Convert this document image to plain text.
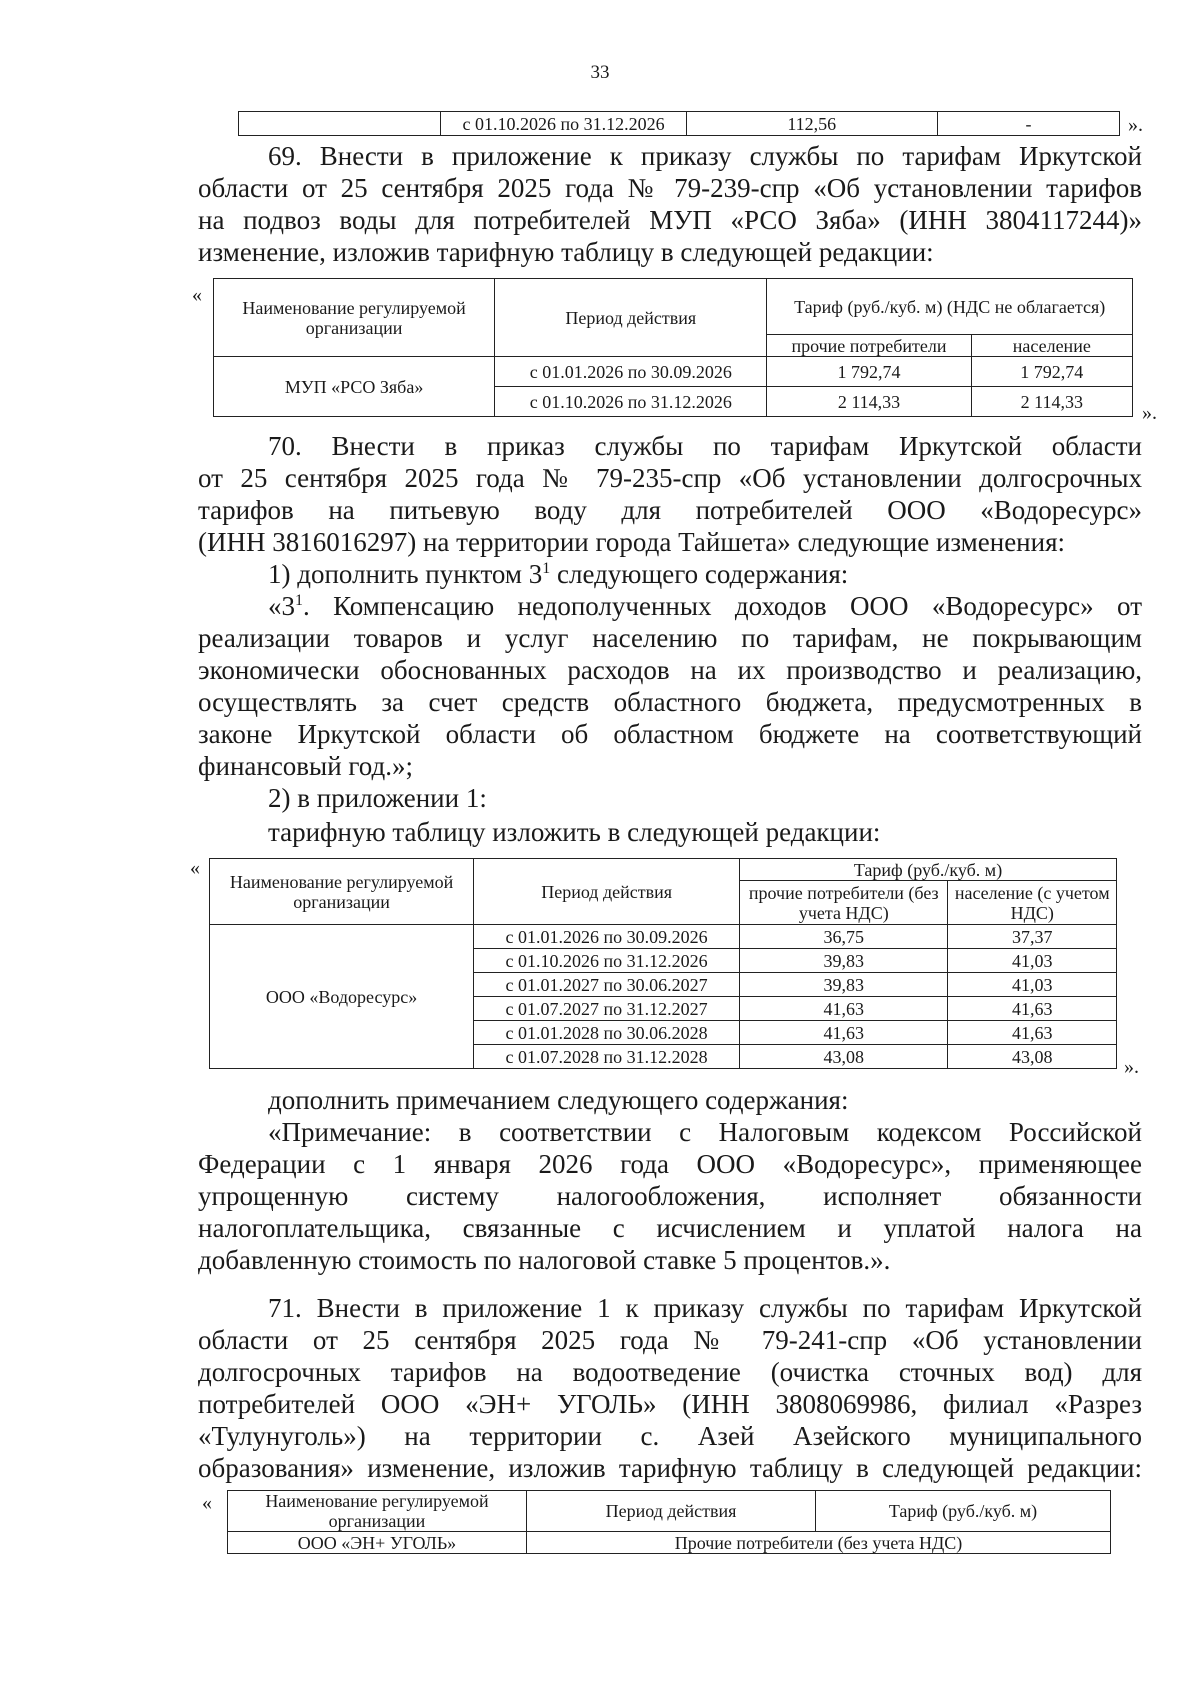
33
	с 01.10.2026 по 31.12.2026	112,56	-	».
69. Внести в приложение к приказу службы по тарифам Иркутской
области от 25 сентября 2025 года № 79-239-спр «Об установлении тарифов
на подвоз воды для потребителей МУП «РСО Зяба» (ИНН 3804117244)»
изменение, изложив тарифную таблицу в следующей редакции:
«
Наименование регулируемой организации	Период действия	Тариф (руб./куб. м) (НДС не облагается)	
		прочие потребители	население
МУП «РСО Зяба»	с 01.01.2026 по 30.09.2026	1 792,74	1 792,74
	с 01.10.2026 по 31.12.2026	2 114,33	2 114,33
».
70. Внести в приказ службы по тарифам Иркутской области
от 25 сентября 2025 года № 79-235-спр «Об установлении долгосрочных
тарифов на питьевую воду для потребителей ООО «Водоресурс»
(ИНН 3816016297) на территории города Тайшета» следующие изменения:
1) дополнить пунктом $3^1$ следующего содержания:
«$3^1$. Компенсацию недополученных доходов ООО «Водоресурс» от
реализации товаров и услуг населению по тарифам, не покрывающим
экономически обоснованных расходов на их производство и реализацию,
осуществлять за счет средств областного бюджета, предусмотренных в
законе Иркутской области об областном бюджете на соответствующий
финансовый год.»;
2) в приложении 1:
тарифную таблицу изложить в следующей редакции:
«
Наименование регулируемой организации	Период действия	Тариф (руб./куб. м)	
		прочие потребители (без учета НДС)	население (с учетом НДС)
ООО «Водоресурс»	с 01.01.2026 по 30.09.2026	36,75	37,37
	с 01.10.2026 по 31.12.2026	39,83	41,03
	с 01.01.2027 по 30.06.2027	39,83	41,03
	с 01.07.2027 по 31.12.2027	41,63	41,63
	с 01.01.2028 по 30.06.2028	41,63	41,63
	с 01.07.2028 по 31.12.2028	43,08	43,08	».
дополнить примечанием следующего содержания:
«Примечание: в соответствии с Налоговым кодексом Российской
Федерации с 1 января 2026 года ООО «Водоресурс», применяющее
упрощенную систему налогообложения, исполняет обязанности
налогоплательщика, связанные с исчислением и уплатой налога на
добавленную стоимость по налоговой ставке 5 процентов.».
71. Внести в приложение 1 к приказу службы по тарифам Иркутской
области от 25 сентября 2025 года № 79-241-спр «Об установлении
долгосрочных тарифов на водоотведение (очистка сточных вод) для
потребителей ООО «ЭН+ УГОЛЬ» (ИНН 3808069986, филиал «Разрез
«Тулунуголь») на территории с. Азей Азейского муниципального
образования» изменение, изложив тарифную таблицу в следующей редакции:
«	Наименование регулируемой организации	Период действия	Тариф (руб./куб. м)
ООО «ЭН+ УГОЛЬ»	Прочие потребители (без учета НДС)	
